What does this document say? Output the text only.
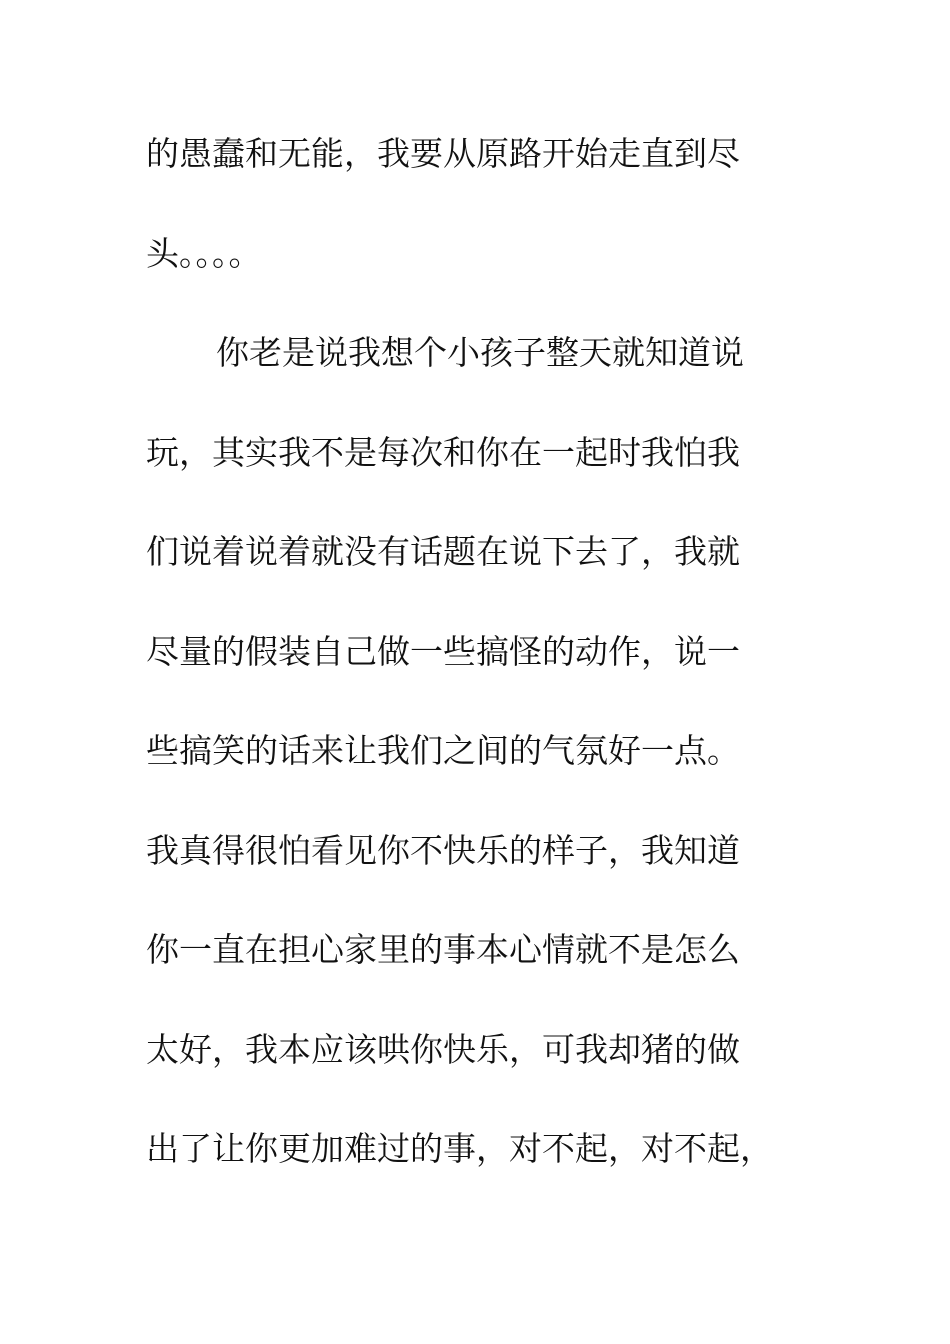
的愚蠢和无能，我要从原路开始走直到尽
头。。。。
你老是说我想个小孩子整天就知道说
玩，其实我不是每次和你在一起时我怕我
们说着说着就没有话题在说下去了，我就
尽量的假装自己做一些搞怪的动作，说一
些搞笑的话来让我们之间的气氛好一点。
我真得很怕看见你不快乐的样子，我知道
你一直在担心家里的事本心情就不是怎么
太好，我本应该哄你快乐，可我却猪的做
出了让你更加难过的事，对不起，对不起，
